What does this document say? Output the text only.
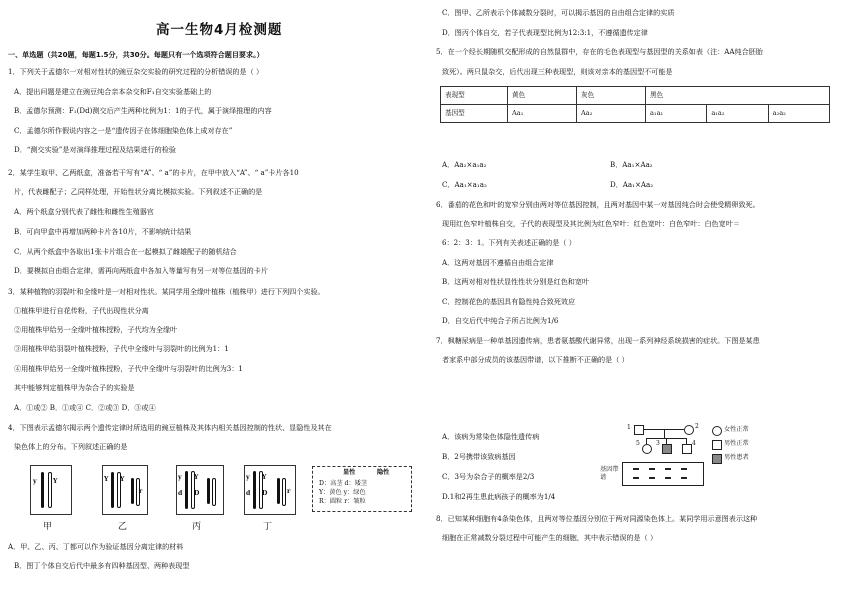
高一生物4月检测题
一、单选题（共20题，每题1.5分，共30分。每题只有一个选项符合题目要求。）
1．下列关于孟德尔一对相对性状的豌豆杂交实验的研究过程的分析错误的是（ ）
A．提出问题是建立在豌豆纯合亲本杂交和F₁自交实验基础上的
B．孟德尔预测：F₁(Dd)测交后产生两种比例为1：1的子代，属于演绎推理的内容
C．孟德尔所作假说内容之一是“遗传因子在体细胞染色体上成对存在”
D．“测交实验”是对演绎推理过程及结果进行的检验
2．某学生取甲、乙两纸盒，准备若干写有“A”、“ a”的卡片，在甲中放入“A”、“ a”卡片各10
片，代表雌配子；乙同样处理，开始性状分离比模拟实验。下列叙述不正确的是
A．两个纸盒分别代表了雌性和雌性生殖器官
B．可向甲盒中再增加两种卡片各10片，不影响统计结果
C．从两个纸盒中各取出1张卡片组合在一起模拟了雌雄配子的随机结合
D．要模拟自由组合定律，需再向两纸盒中各加入等量写有另一对等位基因的卡片
3．某种植物的羽裂叶和全缘叶是一对相对性状。某同学用全缘叶植株（植株甲）进行下列四个实验。
①植株甲进行自花传粉，子代出现性状分离
②用植株甲给另一全缘叶植株授粉，子代均为全缘叶
③用植株甲给羽裂叶植株授粉，子代中全缘叶与羽裂叶的比例为1：1
④用植株甲给另一全缘叶植株授粉，子代中全缘叶与羽裂叶的比例为3：1
其中能够判定植株甲为杂合子的实验是
A．①或② B．①或④ C．②或③ D．③或④
4．下图表示孟德尔揭示两个遗传定律时所选用的豌豆植株及其体内相关基因控制的性状、显隐性及其在
染色体上的分布。下列叙述正确的是
y	Y	Y Y
r
y
d
Y
D
y
d
Y
D	r
显性	隐性
D：高茎 d：矮茎
Y：黄色 y：绿色
R：圆粒 r：皱粒
甲	乙	丙	丁
A．甲、乙、丙、丁都可以作为验证基因分离定律的材料
B．图丁个体自交后代中最多有四种基因型、两种表现型
C．图甲、乙所表示个体减数分裂时，可以揭示基因的自由组合定律的实质
D．图丙个体自交，若子代表现型比例为12:3:1，不遵循遗传定律
5．在一个经长期随机交配形成的自然鼠群中，存在的毛色表现型与基因型的关系如表（注：AA纯合胚胎
致死）。两只鼠杂交，后代出现三种表现型，则该对亲本的基因型不可能是
表现型	黄色	灰色	黑色		
基因型	Aa₁	Aa₂	a₁a₁	a₁a₂	a₂a₂
A．Aa₂×a₁a₂	B．Aa₁×Aa₂
C．Aa₁×a₁a₂	D．Aa₁×Aa₂
6．番茄的花色和叶的宽窄分别由两对等位基因控制，且两对基因中某一对基因纯合时会使受精卵致死。
现用红色窄叶植株自交，子代的表现型及其比例为红色窄叶：红色宽叶：白色窄叶：白色宽叶＝
6：2：3：1。下列有关表述正确的是（ ）
A．这两对基因不遵循自由组合定律
B．这两对相对性状显性性状分别是红色和宽叶
C．控制花色的基因具有隐性纯合致死效应
D．自交后代中纯合子所占比例为1/6
7．枫糖尿病是一种单基因遗传病，患者氨基酸代谢异常，出现一系列神经系统损害的症状。下图是某患
者家系中部分成员的该基因带谱，以下推断不正确的是（ ）
A．该病为常染色体隐性遗传病
B．2号携带该致病基因
C．3号为杂合子的概率是2/3
D.1和2再生患此病孩子的概率为1/4
1	2
5	3	4
基因带谱
女性正常
男性正常
男性患者
8．已知某种细胞有4条染色体，且两对等位基因分别位于两对同源染色体上。某同学用示意图表示这种
细胞在正常减数分裂过程中可能产生的细胞，其中表示错误的是（ ）
